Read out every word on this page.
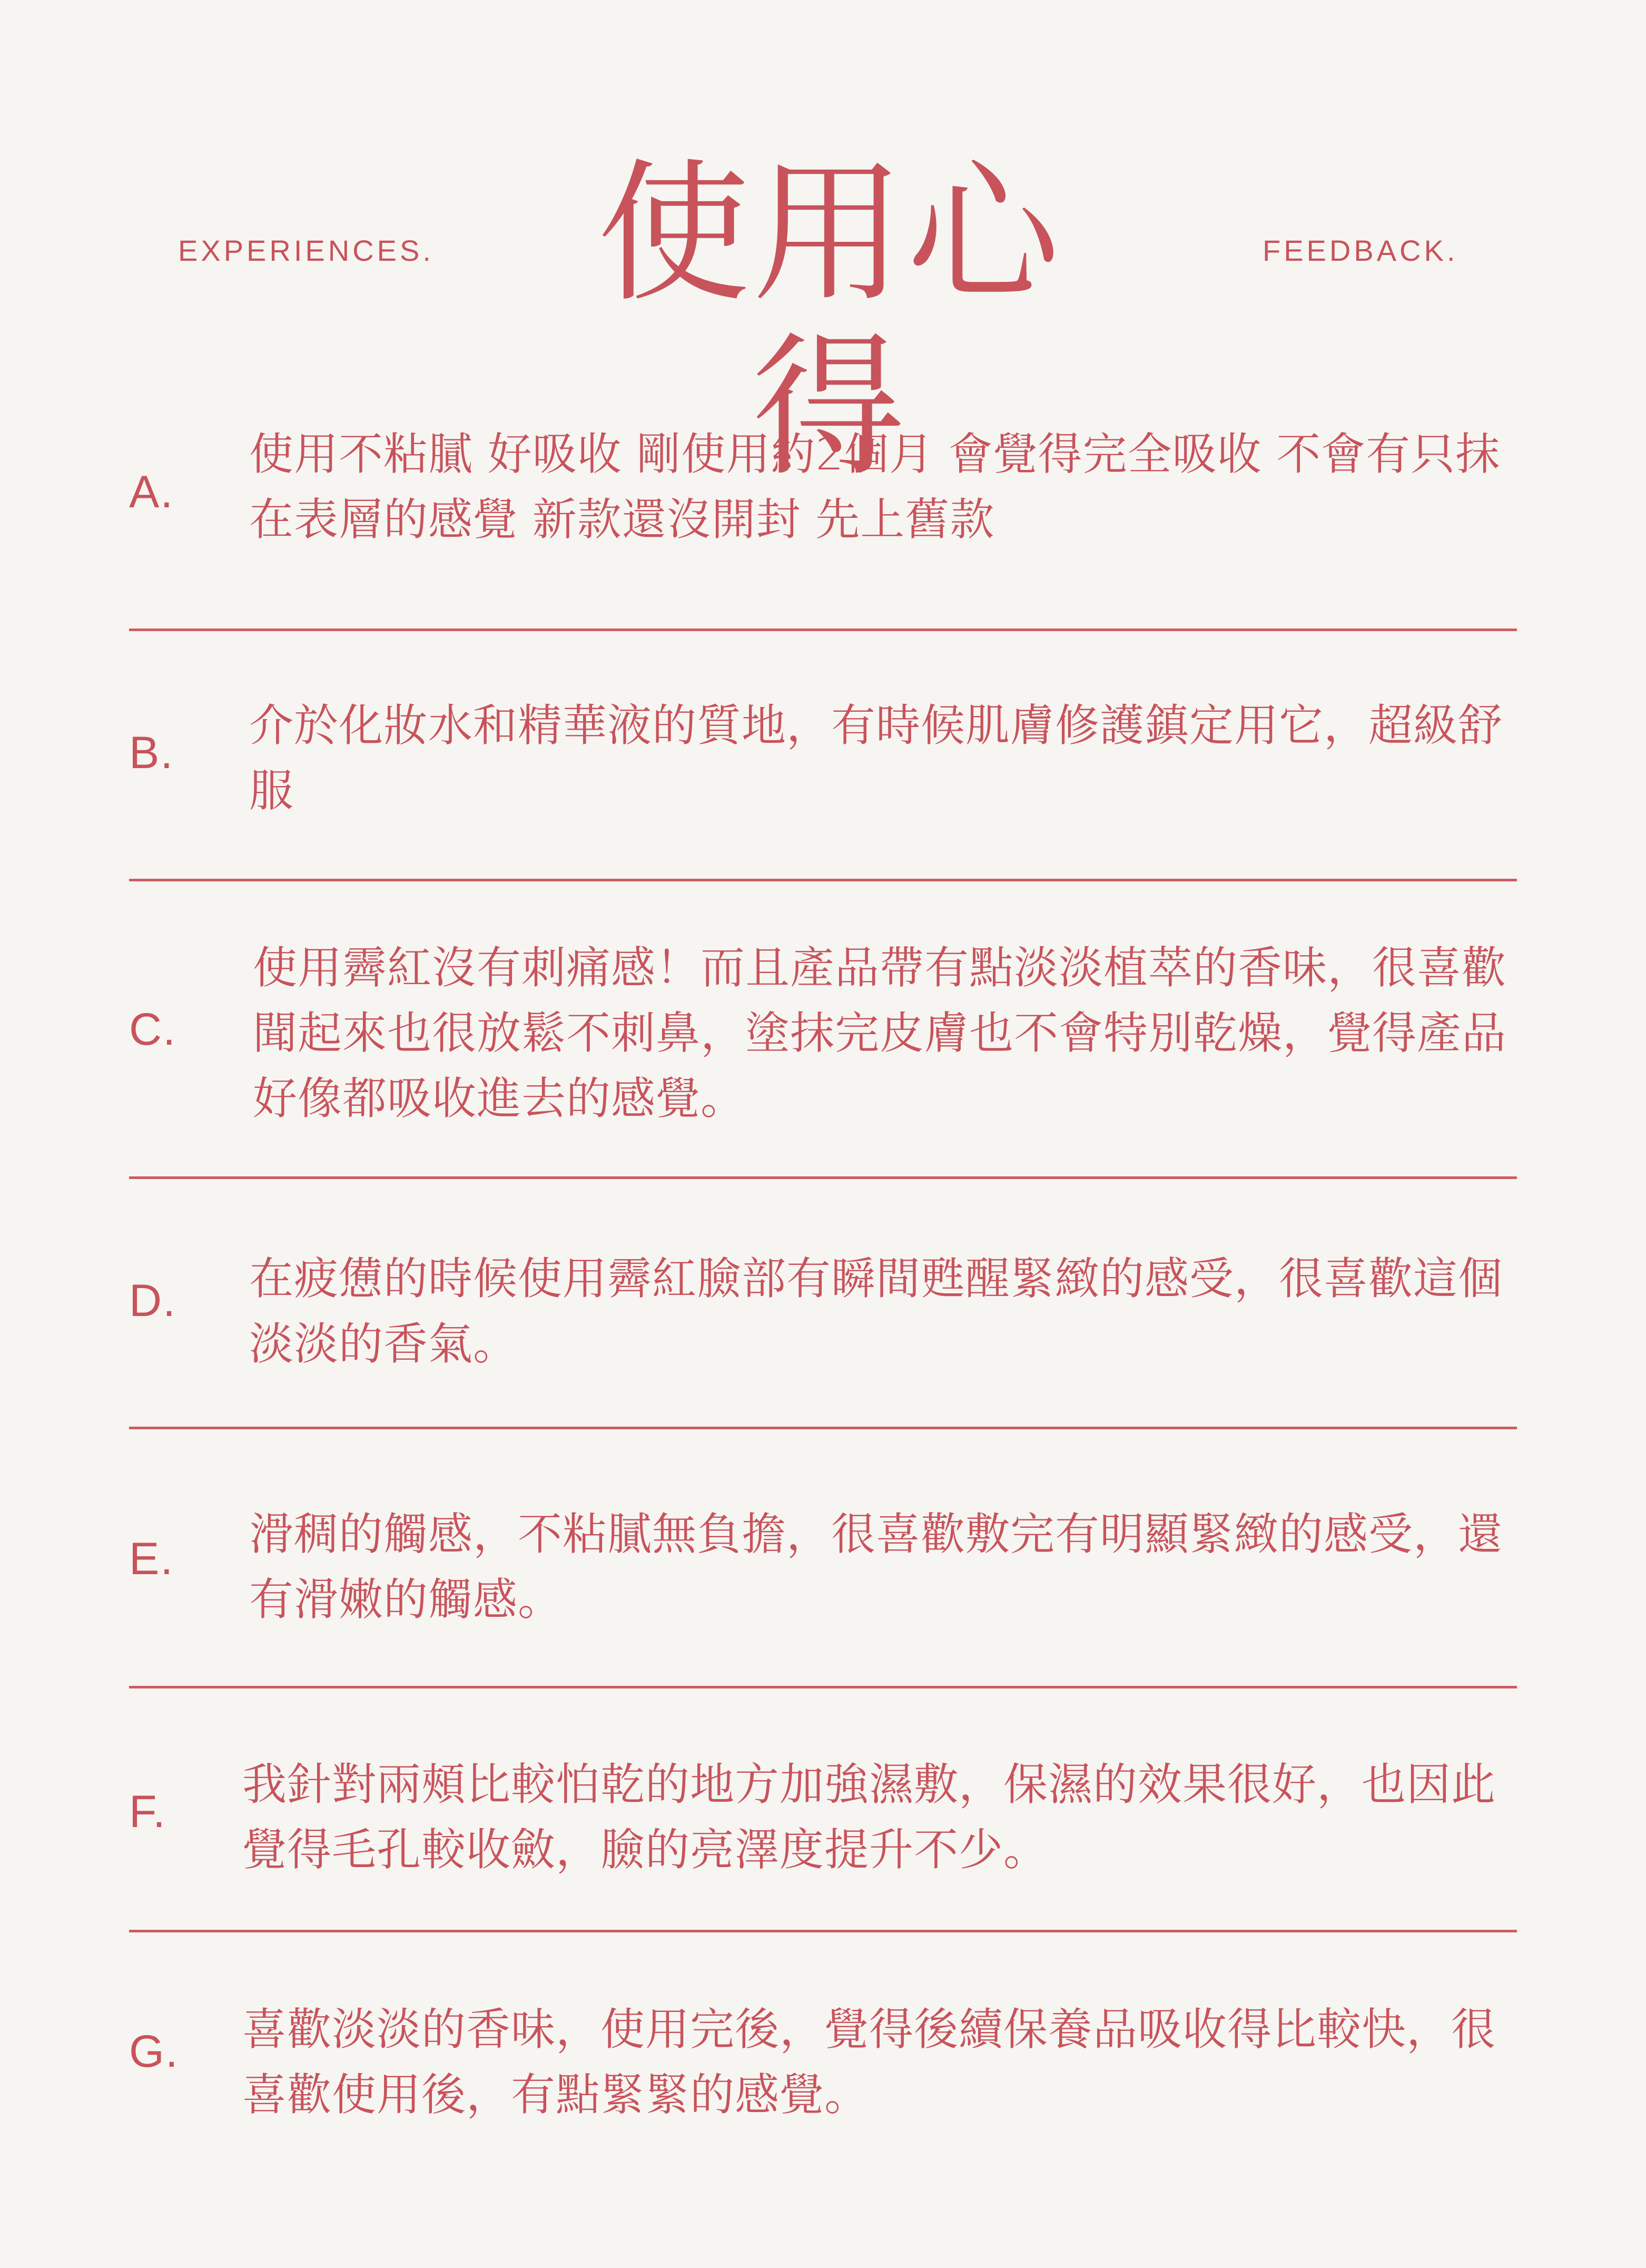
EXPERIENCES.	使用心得
FEEDBACK.
A.
使用不粘膩 好吸收 剛使用約2個月 會覺得完全吸收 不會有只抹在表層的感覺 新款還沒開封 先上舊款
B.
介於化妝水和精華液的質地，有時候肌膚修護鎮定用它，超級舒服
C.
使用霽紅沒有刺痛感！而且產品帶有點淡淡植萃的香味，很喜歡聞起來也很放鬆不刺鼻，塗抹完皮膚也不會特別乾燥，覺得產品好像都吸收進去的感覺。
D. 在疲憊的時候使用霽紅臉部有瞬間甦醒緊緻的感受，很喜歡這個淡淡的香氣。
E. 滑稠的觸感，不粘膩無負擔，很喜歡敷完有明顯緊緻的感受，還有滑嫩的觸感。
F.
我針對兩頰比較怕乾的地方加強濕敷，保濕的效果很好，也因此覺得毛孔較收斂，臉的亮澤度提升不少。
G. 喜歡淡淡的香味，使用完後，覺得後續保養品吸收得比較快，很喜歡使用後，有點緊緊的感覺。
